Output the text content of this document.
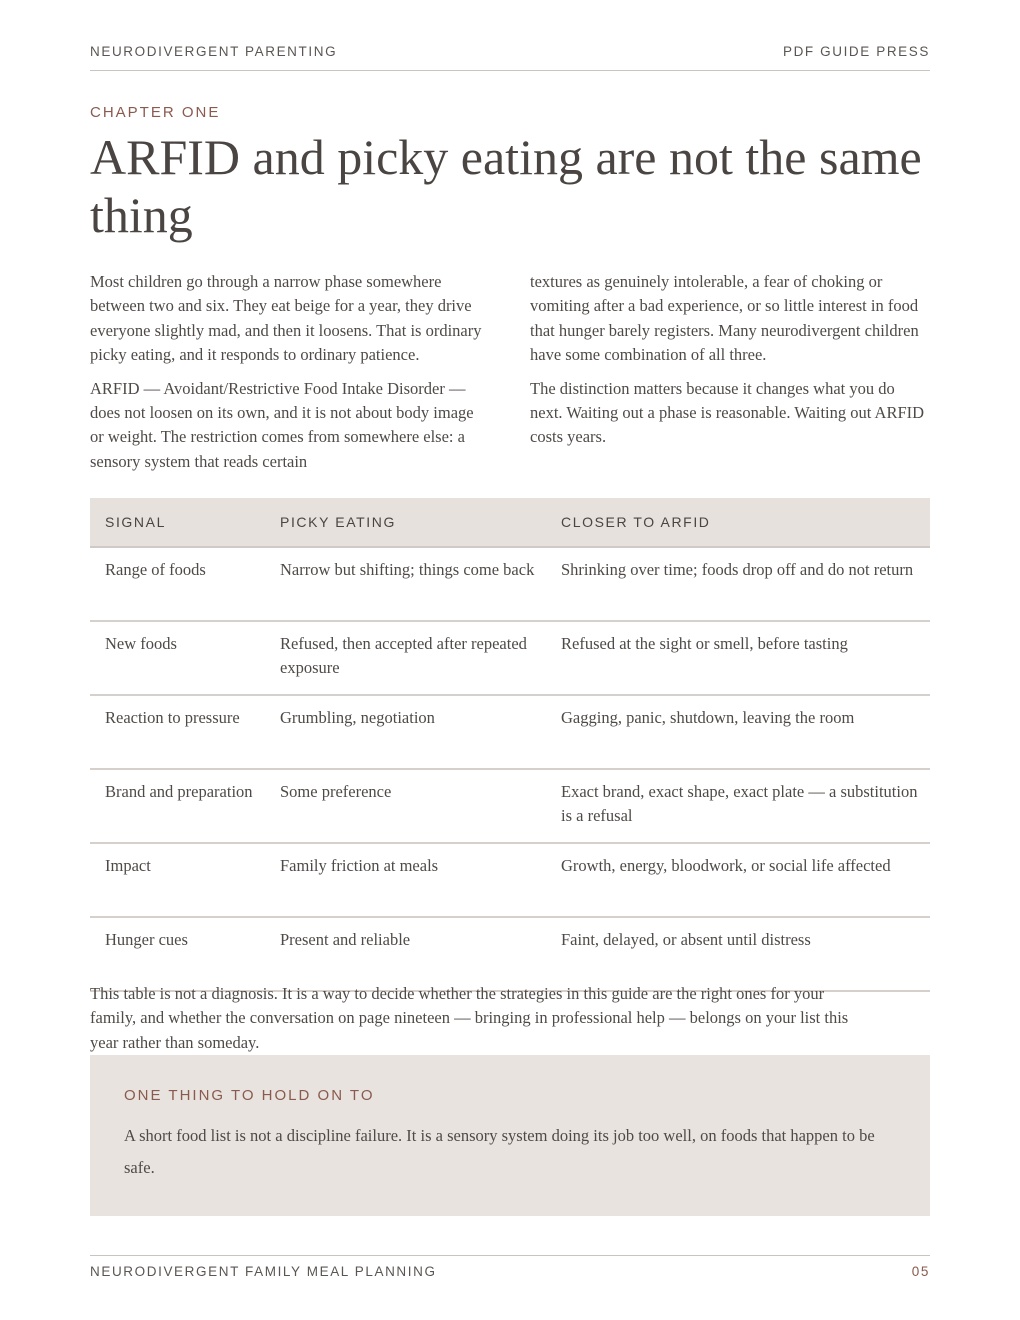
NEURODIVERGENT PARENTING	PDF GUIDE PRESS
CHAPTER ONE
ARFID and picky eating are not the same thing

Most children go through a narrow phase somewhere between two and six. They eat beige for a year, they drive everyone slightly mad, and then it loosens. That is ordinary picky eating, and it responds to ordinary patience.

ARFID — Avoidant/Restrictive Food Intake Disorder — does not loosen on its own, and it is not about body image or weight. The restriction comes from somewhere else: a sensory system that reads certain

textures as genuinely intolerable, a fear of choking or vomiting after a bad experience, or so little interest in food that hunger barely registers. Many neurodivergent children have some combination of all three.

The distinction matters because it changes what you do next. Waiting out a phase is reasonable. Waiting out ARFID costs years.

SIGNAL	PICKY EATING	CLOSER TO ARFID
Range of foods	Narrow but shifting; things come back	Shrinking over time; foods drop off and do not return
New foods	Refused, then accepted after repeated exposure	Refused at the sight or smell, before tasting
Reaction to pressure	Grumbling, negotiation	Gagging, panic, shutdown, leaving the room
Brand and preparation	Some preference	Exact brand, exact shape, exact plate — a substitution is a refusal
Impact	Family friction at meals	Growth, energy, bloodwork, or social life affected
Hunger cues	Present and reliable	Faint, delayed, or absent until distress

This table is not a diagnosis. It is a way to decide whether the strategies in this guide are the right ones for your family, and whether the conversation on page nineteen — bringing in professional help — belongs on your list this year rather than someday.

ONE THING TO HOLD ON TO

A short food list is not a discipline failure. It is a sensory system doing its job too well, on foods that happen to be safe.

NEURODIVERGENT FAMILY MEAL PLANNING	05
